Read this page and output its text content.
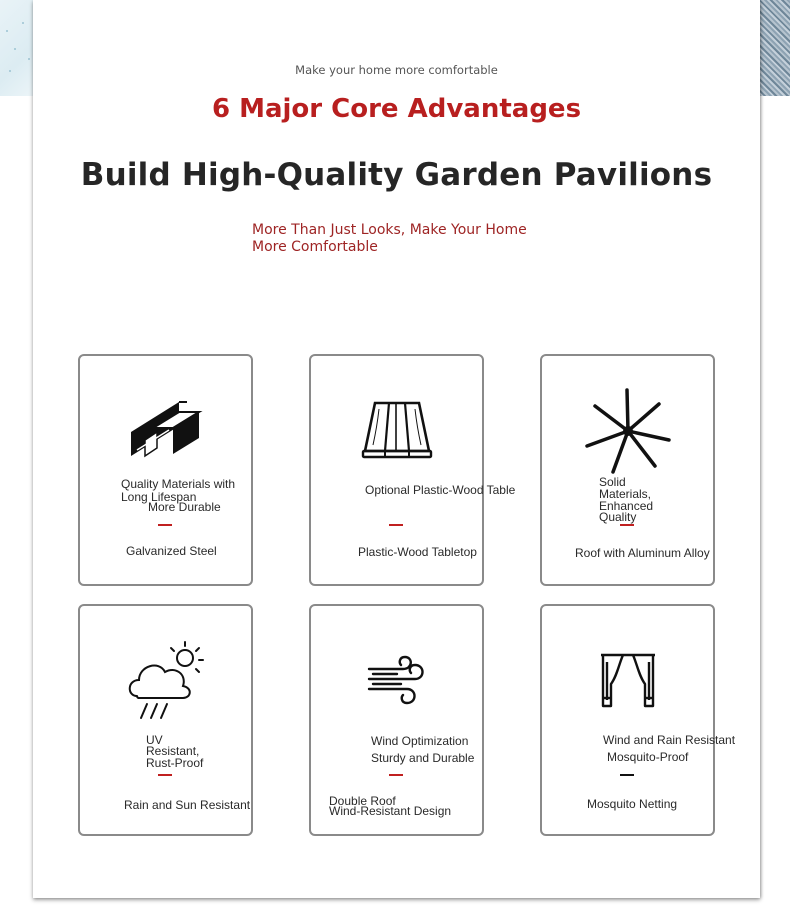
Make your home more comfortable
6 Major Core Advantages
Build High-Quality Garden Pavilions
More Than Just Looks, Make Your Home
More Comfortable
Quality Materials with
Long Lifespan
More Durable
Galvanized Steel
Optional Plastic-Wood Table
Plastic-Wood Tabletop
Solid
Materials,
Enhanced
Quality
Roof with Aluminum Alloy
UV
Resistant,
Rust-Proof
Rain and Sun Resistant
Wind Optimization
Sturdy and Durable
Double Roof
Wind-Resistant Design
Wind and Rain Resistant
Mosquito-Proof
Mosquito Netting
